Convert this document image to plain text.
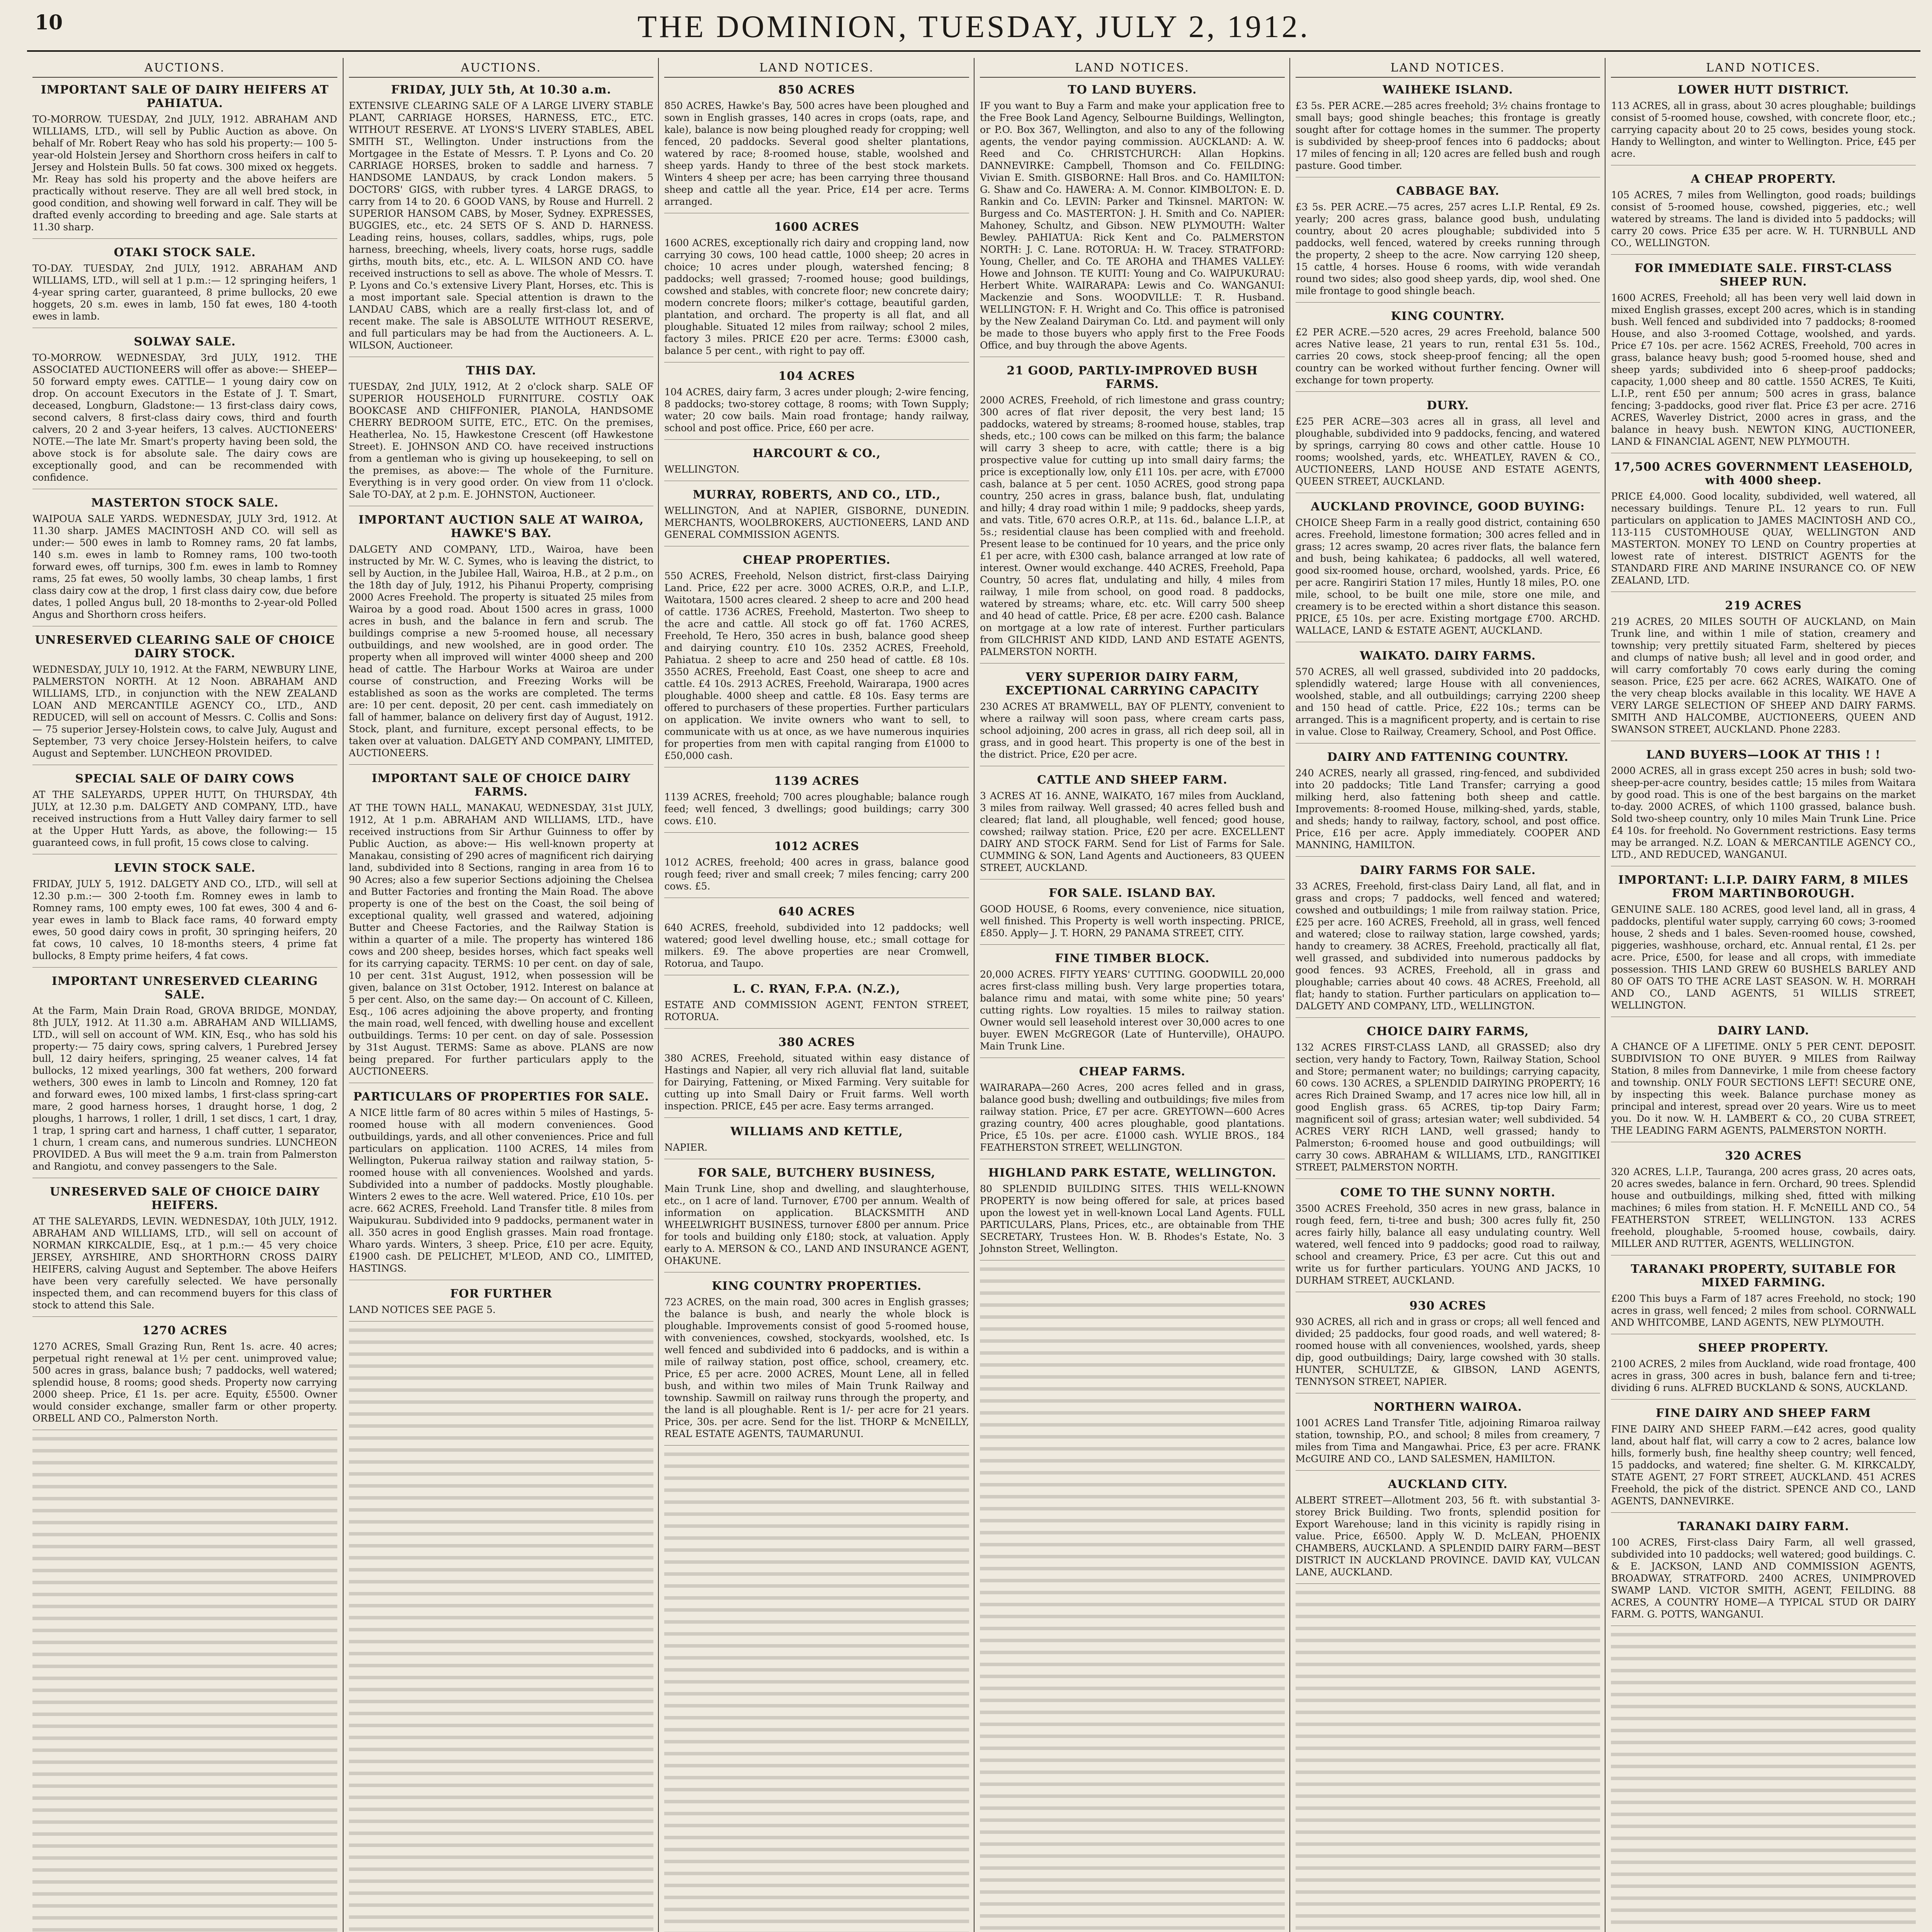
10	THE DOMINION, TUESDAY, JULY 2, 1912.
AUCTIONS.
IMPORTANT SALE OF DAIRY HEIFERS AT PAHIATUA.
TO-MORROW. TUESDAY, 2nd JULY, 1912. ABRAHAM AND WILLIAMS, LTD., will sell by Public Auction as above. On behalf of Mr. Robert Reay who has sold his property:— 100 5-year-old Holstein Jersey and Shorthorn cross heifers in calf to Jersey and Holstein Bulls. 50 fat cows. 300 mixed ox heggets. Mr. Reay has sold his property and the above heifers are practically without reserve. They are all well bred stock, in good condition, and showing well forward in calf. They will be drafted evenly according to breeding and age. Sale starts at 11.30 sharp.
OTAKI STOCK SALE.
TO-DAY. TUESDAY, 2nd JULY, 1912. ABRAHAM AND WILLIAMS, LTD., will sell at 1 p.m.:— 12 springing heifers, 1 4-year spring carter, guaranteed, 8 prime bullocks, 20 ewe hoggets, 20 s.m. ewes in lamb, 150 fat ewes, 180 4-tooth ewes in lamb.
SOLWAY SALE.
TO-MORROW. WEDNESDAY, 3rd JULY, 1912. THE ASSOCIATED AUCTIONEERS will offer as above:— SHEEP— 50 forward empty ewes. CATTLE— 1 young dairy cow on drop. On account Executors in the Estate of J. T. Smart, deceased, Longburn, Gladstone:— 13 first-class dairy cows, second calvers, 8 first-class dairy cows, third and fourth calvers, 20 2 and 3-year heifers, 13 calves. AUCTIONEERS' NOTE.—The late Mr. Smart's property having been sold, the above stock is for absolute sale. The dairy cows are exceptionally good, and can be recommended with confidence.
MASTERTON STOCK SALE.
WAIPOUA SALE YARDS. WEDNESDAY, JULY 3rd, 1912. At 11.30 sharp. JAMES MACINTOSH AND CO. will sell as under:— 500 ewes in lamb to Romney rams, 20 fat lambs, 140 s.m. ewes in lamb to Romney rams, 100 two-tooth forward ewes, off turnips, 300 f.m. ewes in lamb to Romney rams, 25 fat ewes, 50 woolly lambs, 30 cheap lambs, 1 first class dairy cow at the drop, 1 first class dairy cow, due before dates, 1 polled Angus bull, 20 18-months to 2-year-old Polled Angus and Shorthorn cross heifers.
UNRESERVED CLEARING SALE OF CHOICE DAIRY STOCK.
WEDNESDAY, JULY 10, 1912. At the FARM, NEWBURY LINE, PALMERSTON NORTH. At 12 Noon. ABRAHAM AND WILLIAMS, LTD., in conjunction with the NEW ZEALAND LOAN AND MERCANTILE AGENCY CO., LTD., AND REDUCED, will sell on account of Messrs. C. Collis and Sons:— 75 superior Jersey-Holstein cows, to calve July, August and September, 73 very choice Jersey-Holstein heifers, to calve August and September. LUNCHEON PROVIDED.
SPECIAL SALE OF DAIRY COWS
AT THE SALEYARDS, UPPER HUTT, On THURSDAY, 4th JULY, at 12.30 p.m. DALGETY AND COMPANY, LTD., have received instructions from a Hutt Valley dairy farmer to sell at the Upper Hutt Yards, as above, the following:— 15 guaranteed cows, in full profit, 15 cows close to calving.
LEVIN STOCK SALE.
FRIDAY, JULY 5, 1912. DALGETY AND CO., LTD., will sell at 12.30 p.m.:— 300 2-tooth f.m. Romney ewes in lamb to Romney rams, 100 empty ewes, 100 fat ewes, 300 4 and 6-year ewes in lamb to Black face rams, 40 forward empty ewes, 50 good dairy cows in profit, 30 springing heifers, 20 fat cows, 10 calves, 10 18-months steers, 4 prime fat bullocks, 8 Empty prime heifers, 4 fat cows.
IMPORTANT UNRESERVED CLEARING SALE.
At the Farm, Main Drain Road, GROVA BRIDGE, MONDAY, 8th JULY, 1912. At 11.30 a.m. ABRAHAM AND WILLIAMS, LTD., will sell on account of WM. KIN, Esq., who has sold his property:— 75 dairy cows, spring calvers, 1 Purebred Jersey bull, 12 dairy heifers, springing, 25 weaner calves, 14 fat bullocks, 12 mixed yearlings, 300 fat wethers, 200 forward wethers, 300 ewes in lamb to Lincoln and Romney, 120 fat and forward ewes, 100 mixed lambs, 1 first-class spring-cart mare, 2 good harness horses, 1 draught horse, 1 dog, 2 ploughs, 1 harrows, 1 roller, 1 drill, 1 set discs, 1 cart, 1 dray, 1 trap, 1 spring cart and harness, 1 chaff cutter, 1 separator, 1 churn, 1 cream cans, and numerous sundries. LUNCHEON PROVIDED. A Bus will meet the 9 a.m. train from Palmerston and Rangiotu, and convey passengers to the Sale.
UNRESERVED SALE OF CHOICE DAIRY HEIFERS.
AT THE SALEYARDS, LEVIN. WEDNESDAY, 10th JULY, 1912. ABRAHAM AND WILLIAMS, LTD., will sell on account of NORMAN KIRKCALDIE, Esq., at 1 p.m.:— 45 very choice JERSEY, AYRSHIRE, AND SHORTHORN CROSS DAIRY HEIFERS, calving August and September. The above Heifers have been very carefully selected. We have personally inspected them, and can recommend buyers for this class of stock to attend this Sale.
1270 ACRES
1270 ACRES, Small Grazing Run, Rent 1s. acre. 40 acres; perpetual right renewal at 1½ per cent. unimproved value; 500 acres in grass, balance bush; 7 paddocks, well watered; splendid house, 8 rooms; good sheds. Property now carrying 2000 sheep. Price, £1 1s. per acre. Equity, £5500. Owner would consider exchange, smaller farm or other property. ORBELL AND CO., Palmerston North.
AUCTIONS.
FRIDAY, JULY 5th, At 10.30 a.m.
EXTENSIVE CLEARING SALE OF A LARGE LIVERY STABLE PLANT, CARRIAGE HORSES, HARNESS, ETC., ETC. WITHOUT RESERVE. AT LYONS'S LIVERY STABLES, ABEL SMITH ST., Wellington. Under instructions from the Mortgagee in the Estate of Messrs. T. P. Lyons and Co. 20 CARRIAGE HORSES, broken to saddle and harness. 7 HANDSOME LANDAUS, by crack London makers. 5 DOCTORS' GIGS, with rubber tyres. 4 LARGE DRAGS, to carry from 14 to 20. 6 GOOD VANS, by Rouse and Hurrell. 2 SUPERIOR HANSOM CABS, by Moser, Sydney. EXPRESSES, BUGGIES, etc., etc. 24 SETS OF S. AND D. HARNESS. Leading reins, houses, collars, saddles, whips, rugs, pole harness, breeching, wheels, livery coats, horse rugs, saddle girths, mouth bits, etc., etc. A. L. WILSON AND CO. have received instructions to sell as above. The whole of Messrs. T. P. Lyons and Co.'s extensive Livery Plant, Horses, etc. This is a most important sale. Special attention is drawn to the LANDAU CABS, which are a really first-class lot, and of recent make. The sale is ABSOLUTE WITHOUT RESERVE, and full particulars may be had from the Auctioneers. A. L. WILSON, Auctioneer.
THIS DAY.
TUESDAY, 2nd JULY, 1912, At 2 o'clock sharp. SALE OF SUPERIOR HOUSEHOLD FURNITURE. COSTLY OAK BOOKCASE AND CHIFFONIER, PIANOLA, HANDSOME CHERRY BEDROOM SUITE, ETC., ETC. On the premises, Heatherlea, No. 15, Hawkestone Crescent (off Hawkestone Street). E. JOHNSON AND CO. have received instructions from a gentleman who is giving up housekeeping, to sell on the premises, as above:— The whole of the Furniture. Everything is in very good order. On view from 11 o'clock. Sale TO-DAY, at 2 p.m. E. JOHNSTON, Auctioneer.
IMPORTANT AUCTION SALE AT WAIROA, HAWKE'S BAY.
DALGETY AND COMPANY, LTD., Wairoa, have been instructed by Mr. W. C. Symes, who is leaving the district, to sell by Auction, in the Jubilee Hall, Wairoa, H.B., at 2 p.m., on the 18th day of July, 1912, his Pihanui Property, comprising 2000 Acres Freehold. The property is situated 25 miles from Wairoa by a good road. About 1500 acres in grass, 1000 acres in bush, and the balance in fern and scrub. The buildings comprise a new 5-roomed house, all necessary outbuildings, and new woolshed, are in good order. The property when all improved will winter 4000 sheep and 200 head of cattle. The Harbour Works at Wairoa are under course of construction, and Freezing Works will be established as soon as the works are completed. The terms are: 10 per cent. deposit, 20 per cent. cash immediately on fall of hammer, balance on delivery first day of August, 1912. Stock, plant, and furniture, except personal effects, to be taken over at valuation. DALGETY AND COMPANY, LIMITED, AUCTIONEERS.
IMPORTANT SALE OF CHOICE DAIRY FARMS.
AT THE TOWN HALL, MANAKAU, WEDNESDAY, 31st JULY, 1912, At 1 p.m. ABRAHAM AND WILLIAMS, LTD., have received instructions from Sir Arthur Guinness to offer by Public Auction, as above:— His well-known property at Manakau, consisting of 290 acres of magnificent rich dairying land, subdivided into 8 Sections, ranging in area from 16 to 90 Acres; also a few superior Sections adjoining the Chelsea and Butter Factories and fronting the Main Road. The above property is one of the best on the Coast, the soil being of exceptional quality, well grassed and watered, adjoining Butter and Cheese Factories, and the Railway Station is within a quarter of a mile. The property has wintered 186 cows and 200 sheep, besides horses, which fact speaks well for its carrying capacity. TERMS: 10 per cent. on day of sale, 10 per cent. 31st August, 1912, when possession will be given, balance on 31st October, 1912. Interest on balance at 5 per cent. Also, on the same day:— On account of C. Killeen, Esq., 106 acres adjoining the above property, and fronting the main road, well fenced, with dwelling house and excellent outbuildings. Terms: 10 per cent. on day of sale. Possession by 31st August. TERMS: Same as above. PLANS are now being prepared. For further particulars apply to the AUCTIONEERS.
PARTICULARS OF PROPERTIES FOR SALE.
A NICE little farm of 80 acres within 5 miles of Hastings, 5-roomed house with all modern conveniences. Good outbuildings, yards, and all other conveniences. Price and full particulars on application. 1100 ACRES, 14 miles from Wellington, Pukerua railway station and railway station, 5-roomed house with all conveniences. Woolshed and yards. Subdivided into a number of paddocks. Mostly ploughable. Winters 2 ewes to the acre. Well watered. Price, £10 10s. per acre. 662 ACRES, Freehold. Land Transfer title. 8 miles from Waipukurau. Subdivided into 9 paddocks, permanent water in all. 350 acres in good English grasses. Main road frontage. Wharo yards. Winters, 3 sheep. Price, £10 per acre. Equity, £1900 cash. DE PELICHET, M'LEOD, AND CO., LIMITED, HASTINGS.
FOR FURTHER
LAND NOTICES SEE PAGE 5.
LAND NOTICES.
850 ACRES
850 ACRES, Hawke's Bay, 500 acres have been ploughed and sown in English grasses, 140 acres in crops (oats, rape, and kale), balance is now being ploughed ready for cropping; well fenced, 20 paddocks. Several good shelter plantations, watered by race; 8-roomed house, stable, woolshed and sheep yards. Handy to three of the best stock markets. Winters 4 sheep per acre; has been carrying three thousand sheep and cattle all the year. Price, £14 per acre. Terms arranged.
1600 ACRES
1600 ACRES, exceptionally rich dairy and cropping land, now carrying 30 cows, 100 head cattle, 1000 sheep; 20 acres in choice; 10 acres under plough, watershed fencing; 8 paddocks; well grassed; 7-roomed house; good buildings, cowshed and stables, with concrete floor; new concrete dairy; modern concrete floors; milker's cottage, beautiful garden, plantation, and orchard. The property is all flat, and all ploughable. Situated 12 miles from railway; school 2 miles, factory 3 miles. PRICE £20 per acre. Terms: £3000 cash, balance 5 per cent., with right to pay off.
104 ACRES
104 ACRES, dairy farm, 3 acres under plough; 2-wire fencing, 8 paddocks; two-storey cottage, 8 rooms; with Town Supply; water; 20 cow bails. Main road frontage; handy railway, school and post office. Price, £60 per acre.
HARCOURT & CO.,
WELLINGTON.
MURRAY, ROBERTS, AND CO., LTD.,
WELLINGTON, And at NAPIER, GISBORNE, DUNEDIN. MERCHANTS, WOOLBROKERS, AUCTIONEERS, LAND AND GENERAL COMMISSION AGENTS.
CHEAP PROPERTIES.
550 ACRES, Freehold, Nelson district, first-class Dairying Land. Price, £22 per acre. 3000 ACRES, O.R.P., and L.I.P., Waitotara, 1500 acres cleared. 2 sheep to acre and 200 head of cattle. 1736 ACRES, Freehold, Masterton. Two sheep to the acre and cattle. All stock go off fat. 1760 ACRES, Freehold, Te Hero, 350 acres in bush, balance good sheep and dairying country. £10 10s. 2352 ACRES, Freehold, Pahiatua. 2 sheep to acre and 250 head of cattle. £8 10s. 3550 ACRES, Freehold, East Coast, one sheep to acre and cattle. £4 10s. 2913 ACRES, Freehold, Wairarapa, 1900 acres ploughable. 4000 sheep and cattle. £8 10s. Easy terms are offered to purchasers of these properties. Further particulars on application. We invite owners who want to sell, to communicate with us at once, as we have numerous inquiries for properties from men with capital ranging from £1000 to £50,000 cash.
1139 ACRES
1139 ACRES, freehold; 700 acres ploughable; balance rough feed; well fenced, 3 dwellings; good buildings; carry 300 cows. £10.
1012 ACRES
1012 ACRES, freehold; 400 acres in grass, balance good rough feed; river and small creek; 7 miles fencing; carry 200 cows. £5.
640 ACRES
640 ACRES, freehold, subdivided into 12 paddocks; well watered; good level dwelling house, etc.; small cottage for milkers. £9. The above properties are near Cromwell, Rotorua, and Taupo.
L. C. RYAN, F.P.A. (N.Z.),
ESTATE AND COMMISSION AGENT, FENTON STREET, ROTORUA.
380 ACRES
380 ACRES, Freehold, situated within easy distance of Hastings and Napier, all very rich alluvial flat land, suitable for Dairying, Fattening, or Mixed Farming. Very suitable for cutting up into Small Dairy or Fruit farms. Well worth inspection. PRICE, £45 per acre. Easy terms arranged.
WILLIAMS AND KETTLE,
NAPIER.
FOR SALE, BUTCHERY BUSINESS,
Main Trunk Line, shop and dwelling, and slaughterhouse, etc., on 1 acre of land. Turnover, £700 per annum. Wealth of information on application. BLACKSMITH AND WHEELWRIGHT BUSINESS, turnover £800 per annum. Price for tools and building only £180; stock, at valuation. Apply early to A. MERSON & CO., LAND AND INSURANCE AGENT, OHAKUNE.
KING COUNTRY PROPERTIES.
723 ACRES, on the main road, 300 acres in English grasses; the balance is bush, and nearly the whole block is ploughable. Improvements consist of good 5-roomed house, with conveniences, cowshed, stockyards, woolshed, etc. Is well fenced and subdivided into 6 paddocks, and is within a mile of railway station, post office, school, creamery, etc. Price, £5 per acre. 2000 ACRES, Mount Lene, all in felled bush, and within two miles of Main Trunk Railway and township. Sawmill on railway runs through the property, and the land is all ploughable. Rent is 1/- per acre for 21 years. Price, 30s. per acre. Send for the list. THORP & McNEILLY, REAL ESTATE AGENTS, TAUMARUNUI.
LAND NOTICES.
TO LAND BUYERS.
IF you want to Buy a Farm and make your application free to the Free Book Land Agency, Selbourne Buildings, Wellington, or P.O. Box 367, Wellington, and also to any of the following agents, the vendor paying commission. AUCKLAND: A. W. Reed and Co. CHRISTCHURCH: Allan Hopkins. DANNEVIRKE: Campbell, Thomson and Co. FEILDING: Vivian E. Smith. GISBORNE: Hall Bros. and Co. HAMILTON: G. Shaw and Co. HAWERA: A. M. Connor. KIMBOLTON: E. D. Rankin and Co. LEVIN: Parker and Tkinsnel. MARTON: W. Burgess and Co. MASTERTON: J. H. Smith and Co. NAPIER: Mahoney, Schultz, and Gibson. NEW PLYMOUTH: Walter Bewley. PAHIATUA: Rick Kent and Co. PALMERSTON NORTH: J. C. Lane. ROTORUA: H. W. Tracey. STRATFORD: Young, Cheller, and Co. TE AROHA and THAMES VALLEY: Howe and Johnson. TE KUITI: Young and Co. WAIPUKURAU: Herbert White. WAIRARAPA: Lewis and Co. WANGANUI: Mackenzie and Sons. WOODVILLE: T. R. Husband. WELLINGTON: F. H. Wright and Co. This office is patronised by the New Zealand Dairyman Co. Ltd. and payment will only be made to those buyers who apply first to the Free Foods Office, and buy through the above Agents.
21 GOOD, PARTLY-IMPROVED BUSH FARMS.
2000 ACRES, Freehold, of rich limestone and grass country; 300 acres of flat river deposit, the very best land; 15 paddocks, watered by streams; 8-roomed house, stables, trap sheds, etc.; 100 cows can be milked on this farm; the balance will carry 3 sheep to acre, with cattle; there is a big prospective value for cutting up into small dairy farms; the price is exceptionally low, only £11 10s. per acre, with £7000 cash, balance at 5 per cent. 1050 ACRES, good strong papa country, 250 acres in grass, balance bush, flat, undulating and hilly; 4 dray road within 1 mile; 9 paddocks, sheep yards, and vats. Title, 670 acres O.R.P., at 11s. 6d., balance L.I.P., at 5s.; residential clause has been complied with and freehold. Present lease to be continued for 10 years, and the price only £1 per acre, with £300 cash, balance arranged at low rate of interest. Owner would exchange. 440 ACRES, Freehold, Papa Country, 50 acres flat, undulating and hilly, 4 miles from railway, 1 mile from school, on good road. 8 paddocks, watered by streams; whare, etc. etc. Will carry 500 sheep and 40 head of cattle. Price, £8 per acre. £200 cash. Balance on mortgage at a low rate of interest. Further particulars from GILCHRIST AND KIDD, LAND AND ESTATE AGENTS, PALMERSTON NORTH.
VERY SUPERIOR DAIRY FARM, EXCEPTIONAL CARRYING CAPACITY
230 ACRES AT BRAMWELL, BAY OF PLENTY, convenient to where a railway will soon pass, where cream carts pass, school adjoining, 200 acres in grass, all rich deep soil, all in grass, and in good heart. This property is one of the best in the district. Price, £20 per acre.
CATTLE AND SHEEP FARM.
3 ACRES AT 16. ANNE, WAIKATO, 167 miles from Auckland, 3 miles from railway. Well grassed; 40 acres felled bush and cleared; flat land, all ploughable, well fenced; good house, cowshed; railway station. Price, £20 per acre. EXCELLENT DAIRY AND STOCK FARM. Send for List of Farms for Sale. CUMMING & SON, Land Agents and Auctioneers, 83 QUEEN STREET, AUCKLAND.
FOR SALE. ISLAND BAY.
GOOD HOUSE, 6 Rooms, every convenience, nice situation, well finished. This Property is well worth inspecting. PRICE, £850. Apply— J. T. HORN, 29 PANAMA STREET, CITY.
FINE TIMBER BLOCK.
20,000 ACRES. FIFTY YEARS' CUTTING. GOODWILL 20,000 acres first-class milling bush. Very large properties totara, balance rimu and matai, with some white pine; 50 years' cutting rights. Low royalties. 15 miles to railway station. Owner would sell leasehold interest over 30,000 acres to one buyer. EWEN McGREGOR (Late of Hunterville), OHAUPO. Main Trunk Line.
CHEAP FARMS.
WAIRARAPA—260 Acres, 200 acres felled and in grass, balance good bush; dwelling and outbuildings; five miles from railway station. Price, £7 per acre. GREYTOWN—600 Acres grazing country, 400 acres ploughable, good plantations. Price, £5 10s. per acre. £1000 cash. WYLIE BROS., 184 FEATHERSTON STREET, WELLINGTON.
HIGHLAND PARK ESTATE, WELLINGTON.
80 SPLENDID BUILDING SITES. THIS WELL-KNOWN PROPERTY is now being offered for sale, at prices based upon the lowest yet in well-known Local Land Agents. FULL PARTICULARS, Plans, Prices, etc., are obtainable from THE SECRETARY, Trustees Hon. W. B. Rhodes's Estate, No. 3 Johnston Street, Wellington.
LAND NOTICES.
WAIHEKE ISLAND.
£3 5s. PER ACRE.—285 acres freehold; 3½ chains frontage to small bays; good shingle beaches; this frontage is greatly sought after for cottage homes in the summer. The property is subdivided by sheep-proof fences into 6 paddocks; about 17 miles of fencing in all; 120 acres are felled bush and rough pasture. Good timber.
CABBAGE BAY.
£3 5s. PER ACRE.—75 acres, 257 acres L.I.P. Rental, £9 2s. yearly; 200 acres grass, balance good bush, undulating country, about 20 acres ploughable; subdivided into 5 paddocks, well fenced, watered by creeks running through the property, 2 sheep to the acre. Now carrying 120 sheep, 15 cattle, 4 horses. House 6 rooms, with wide verandah round two sides; also good sheep yards, dip, wool shed. One mile frontage to good shingle beach.
KING COUNTRY.
£2 PER ACRE.—520 acres, 29 acres Freehold, balance 500 acres Native lease, 21 years to run, rental £31 5s. 10d., carries 20 cows, stock sheep-proof fencing; all the open country can be worked without further fencing. Owner will exchange for town property.
DURY.
£25 PER ACRE—303 acres all in grass, all level and ploughable, subdivided into 9 paddocks, fencing, and watered by springs, carrying 80 cows and other cattle. House 10 rooms; woolshed, yards, etc. WHEATLEY, RAVEN & CO., AUCTIONEERS, LAND HOUSE AND ESTATE AGENTS, QUEEN STREET, AUCKLAND.
AUCKLAND PROVINCE, GOOD BUYING:
CHOICE Sheep Farm in a really good district, containing 650 acres. Freehold, limestone formation; 300 acres felled and in grass; 12 acres swamp, 20 acres river flats, the balance fern and bush, being kahikatea; 6 paddocks, all well watered, good six-roomed house, orchard, woolshed, yards. Price, £6 per acre. Rangiriri Station 17 miles, Huntly 18 miles, P.O. one mile, school, to be built one mile, store one mile, and creamery is to be erected within a short distance this season. PRICE, £5 10s. per acre. Existing mortgage £700. ARCHD. WALLACE, LAND & ESTATE AGENT, AUCKLAND.
WAIKATO. DAIRY FARMS.
570 ACRES, all well grassed, subdivided into 20 paddocks, splendidly watered; large House with all conveniences, woolshed, stable, and all outbuildings; carrying 2200 sheep and 150 head of cattle. Price, £22 10s.; terms can be arranged. This is a magnificent property, and is certain to rise in value. Close to Railway, Creamery, School, and Post Office.
DAIRY AND FATTENING COUNTRY.
240 ACRES, nearly all grassed, ring-fenced, and subdivided into 20 paddocks; Title Land Transfer; carrying a good milking herd, also fattening both sheep and cattle. Improvements: 8-roomed House, milking-shed, yards, stable, and sheds; handy to railway, factory, school, and post office. Price, £16 per acre. Apply immediately. COOPER AND MANNING, HAMILTON.
DAIRY FARMS FOR SALE.
33 ACRES, Freehold, first-class Dairy Land, all flat, and in grass and crops; 7 paddocks, well fenced and watered; cowshed and outbuildings; 1 mile from railway station. Price, £25 per acre. 160 ACRES, Freehold, all in grass, well fenced and watered; close to railway station, large cowshed, yards; handy to creamery. 38 ACRES, Freehold, practically all flat, well grassed, and subdivided into numerous paddocks by good fences. 93 ACRES, Freehold, all in grass and ploughable; carries about 40 cows. 48 ACRES, Freehold, all flat; handy to station. Further particulars on application to— DALGETY AND COMPANY, LTD., WELLINGTON.
CHOICE DAIRY FARMS,
132 ACRES FIRST-CLASS LAND, all GRASSED; also dry section, very handy to Factory, Town, Railway Station, School and Store; permanent water; no buildings; carrying capacity, 60 cows. 130 ACRES, a SPLENDID DAIRYING PROPERTY; 16 acres Rich Drained Swamp, and 17 acres nice low hill, all in good English grass. 65 ACRES, tip-top Dairy Farm; magnificent soil of grass; artesian water; well subdivided. 54 ACRES VERY RICH LAND, well grassed; handy to Palmerston; 6-roomed house and good outbuildings; will carry 30 cows. ABRAHAM & WILLIAMS, LTD., RANGITIKEI STREET, PALMERSTON NORTH.
COME TO THE SUNNY NORTH.
3500 ACRES Freehold, 350 acres in new grass, balance in rough feed, fern, ti-tree and bush; 300 acres fully fit, 250 acres fairly hilly, balance all easy undulating country. Well watered, well fenced into 9 paddocks; good road to railway, school and creamery. Price, £3 per acre. Cut this out and write us for further particulars. YOUNG AND JACKS, 10 DURHAM STREET, AUCKLAND.
930 ACRES
930 ACRES, all rich and in grass or crops; all well fenced and divided; 25 paddocks, four good roads, and well watered; 8-roomed house with all conveniences, woolshed, yards, sheep dip, good outbuildings; Dairy, large cowshed with 30 stalls. HUNTER, SCHULTZE, & GIBSON, LAND AGENTS, TENNYSON STREET, NAPIER.
NORTHERN WAIROA.
1001 ACRES Land Transfer Title, adjoining Rimaroa railway station, township, P.O., and school; 8 miles from creamery, 7 miles from Tima and Mangawhai. Price, £3 per acre. FRANK McGUIRE AND CO., LAND SALESMEN, HAMILTON.
AUCKLAND CITY.
ALBERT STREET—Allotment 203, 56 ft. with substantial 3-storey Brick Building. Two fronts, splendid position for Export Warehouse; land in this vicinity is rapidly rising in value. Price, £6500. Apply W. D. McLEAN, PHOENIX CHAMBERS, AUCKLAND. A SPLENDID DAIRY FARM—BEST DISTRICT IN AUCKLAND PROVINCE. DAVID KAY, VULCAN LANE, AUCKLAND.
LAND NOTICES.
LOWER HUTT DISTRICT.
113 ACRES, all in grass, about 30 acres ploughable; buildings consist of 5-roomed house, cowshed, with concrete floor, etc.; carrying capacity about 20 to 25 cows, besides young stock. Handy to Wellington, and winter to Wellington. Price, £45 per acre.
A CHEAP PROPERTY.
105 ACRES, 7 miles from Wellington, good roads; buildings consist of 5-roomed house, cowshed, piggeries, etc.; well watered by streams. The land is divided into 5 paddocks; will carry 20 cows. Price £35 per acre. W. H. TURNBULL AND CO., WELLINGTON.
FOR IMMEDIATE SALE. FIRST-CLASS SHEEP RUN.
1600 ACRES, Freehold; all has been very well laid down in mixed English grasses, except 200 acres, which is in standing bush. Well fenced and subdivided into 7 paddocks; 8-roomed House, and also 3-roomed Cottage, woolshed, and yards. Price £7 10s. per acre. 1562 ACRES, Freehold, 700 acres in grass, balance heavy bush; good 5-roomed house, shed and sheep yards; subdivided into 6 sheep-proof paddocks; capacity, 1,000 sheep and 80 cattle. 1550 ACRES, Te Kuiti, L.I.P., rent £50 per annum; 500 acres in grass, balance fencing; 3-paddocks, good river flat. Price £3 per acre. 2716 ACRES, Waverley District, 2000 acres in grass, and the balance in heavy bush. NEWTON KING, AUCTIONEER, LAND & FINANCIAL AGENT, NEW PLYMOUTH.
17,500 ACRES GOVERNMENT LEASEHOLD, with 4000 sheep.
PRICE £4,000. Good locality, subdivided, well watered, all necessary buildings. Tenure P.L. 12 years to run. Full particulars on application to JAMES MACINTOSH AND CO., 113-115 CUSTOMHOUSE QUAY, WELLINGTON AND MASTERTON. MONEY TO LEND on Country properties at lowest rate of interest. DISTRICT AGENTS for the STANDARD FIRE AND MARINE INSURANCE CO. OF NEW ZEALAND, LTD.
219 ACRES
219 ACRES, 20 MILES SOUTH OF AUCKLAND, on Main Trunk line, and within 1 mile of station, creamery and township; very prettily situated Farm, sheltered by pieces and clumps of native bush; all level and in good order, and will carry comfortably 70 cows early during the coming season. Price, £25 per acre. 662 ACRES, WAIKATO. One of the very cheap blocks available in this locality. WE HAVE A VERY LARGE SELECTION OF SHEEP AND DAIRY FARMS. SMITH AND HALCOMBE, AUCTIONEERS, QUEEN AND SWANSON STREET, AUCKLAND. Phone 2283.
LAND BUYERS—LOOK AT THIS ! !
2000 ACRES, all in grass except 250 acres in bush; sold two-sheep-per-acre country, besides cattle; 15 miles from Waitara by good road. This is one of the best bargains on the market to-day. 2000 ACRES, of which 1100 grassed, balance bush. Sold two-sheep country, only 10 miles Main Trunk Line. Price £4 10s. for freehold. No Government restrictions. Easy terms may be arranged. N.Z. LOAN & MERCANTILE AGENCY CO., LTD., AND REDUCED, WANGANUI.
IMPORTANT: L.I.P. DAIRY FARM, 8 MILES FROM MARTINBOROUGH.
GENUINE SALE. 180 ACRES, good level land, all in grass, 4 paddocks, plentiful water supply, carrying 60 cows; 3-roomed house, 2 sheds and 1 bales. Seven-roomed house, cowshed, piggeries, washhouse, orchard, etc. Annual rental, £1 2s. per acre. Price, £500, for lease and all crops, with immediate possession. THIS LAND GREW 60 BUSHELS BARLEY AND 80 OF OATS TO THE ACRE LAST SEASON. W. H. MORRAH AND CO., LAND AGENTS, 51 WILLIS STREET, WELLINGTON.
DAIRY LAND.
A CHANCE OF A LIFETIME. ONLY 5 PER CENT. DEPOSIT. SUBDIVISION TO ONE BUYER. 9 MILES from Railway Station, 8 miles from Dannevirke, 1 mile from cheese factory and township. ONLY FOUR SECTIONS LEFT! SECURE ONE, by inspecting this week. Balance purchase money as principal and interest, spread over 20 years. Wire us to meet you. Do it now. W. H. LAMBERT & CO., 20 CUBA STREET, THE LEADING FARM AGENTS, PALMERSTON NORTH.
320 ACRES
320 ACRES, L.I.P., Tauranga, 200 acres grass, 20 acres oats, 20 acres swedes, balance in fern. Orchard, 90 trees. Splendid house and outbuildings, milking shed, fitted with milking machines; 6 miles from station. H. F. McNEILL AND CO., 54 FEATHERSTON STREET, WELLINGTON. 133 ACRES freehold, ploughable, 5-roomed house, cowbails, dairy. MILLER AND RUTTER, AGENTS, WELLINGTON.
TARANAKI PROPERTY, SUITABLE FOR MIXED FARMING.
£200 This buys a Farm of 187 acres Freehold, no stock; 190 acres in grass, well fenced; 2 miles from school. CORNWALL AND WHITCOMBE, LAND AGENTS, NEW PLYMOUTH.
SHEEP PROPERTY.
2100 ACRES, 2 miles from Auckland, wide road frontage, 400 acres in grass, 300 acres in bush, balance fern and ti-tree; dividing 6 runs. ALFRED BUCKLAND & SONS, AUCKLAND.
FINE DAIRY AND SHEEP FARM
FINE DAIRY AND SHEEP FARM.—£42 acres, good quality land, about half flat, will carry a cow to 2 acres, balance low hills, formerly bush, fine healthy sheep country; well fenced, 15 paddocks, and watered; fine shelter. G. M. KIRKCALDY, STATE AGENT, 27 FORT STREET, AUCKLAND. 451 ACRES Freehold, the pick of the district. SPENCE AND CO., LAND AGENTS, DANNEVIRKE.
TARANAKI DAIRY FARM.
100 ACRES, First-class Dairy Farm, all well grassed, subdivided into 10 paddocks; well watered; good buildings. C. & E. JACKSON, LAND AND COMMISSION AGENTS, BROADWAY, STRATFORD. 2400 ACRES, UNIMPROVED SWAMP LAND. VICTOR SMITH, AGENT, FEILDING. 88 ACRES, A COUNTRY HOME—A TYPICAL STUD OR DAIRY FARM. G. POTTS, WANGANUI.
